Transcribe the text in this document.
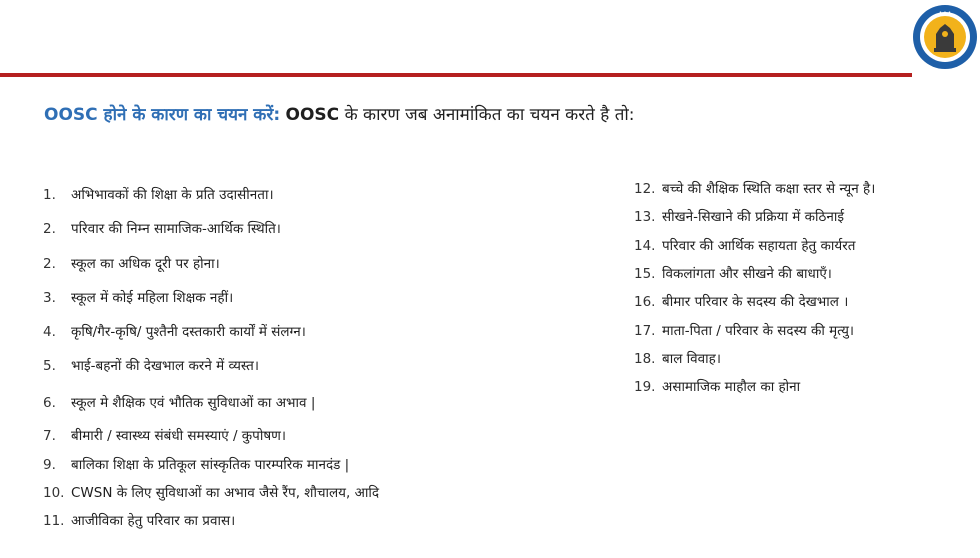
• • •
OOSC होने के कारण का चयन करें: OOSC के कारण जब अनामांकित का चयन करते है तो:
1. अभिभावकों की शिक्षा के प्रति उदासीनता।
2. परिवार की निम्न सामाजिक-आर्थिक स्थिति।
2. स्कूल का अधिक दूरी पर होना।
3. स्कूल में कोई महिला शिक्षक नहीं।
4. कृषि/गैर-कृषि/ पुश्तैनी दस्तकारी कार्यों में संलग्न।
5. भाई-बहनों की देखभाल करने में व्यस्त।
6. स्कूल मे शैक्षिक एवं भौतिक सुविधाओं का अभाव |
7. बीमारी / स्वास्थ्य संबंधी समस्याएं / कुपोषण।
9. बालिका शिक्षा के प्रतिकूल सांस्कृतिक पारम्परिक मानदंड |
10. CWSN के लिए सुविधाओं का अभाव जैसे रैंप, शौचालय, आदि
11. आजीविका हेतु परिवार का प्रवास।
12. बच्चे की शैक्षिक स्थिति कक्षा स्तर से न्यून है।
13. सीखने-सिखाने की प्रक्रिया में कठिनाई
14. परिवार की आर्थिक सहायता हेतु कार्यरत
15. विकलांगता और सीखने की बाधाएँ।
16. बीमार परिवार के सदस्य की देखभाल ।
17. माता-पिता / परिवार के सदस्य की मृत्यु।
18. बाल विवाह।
19. असामाजिक माहौल का होना
